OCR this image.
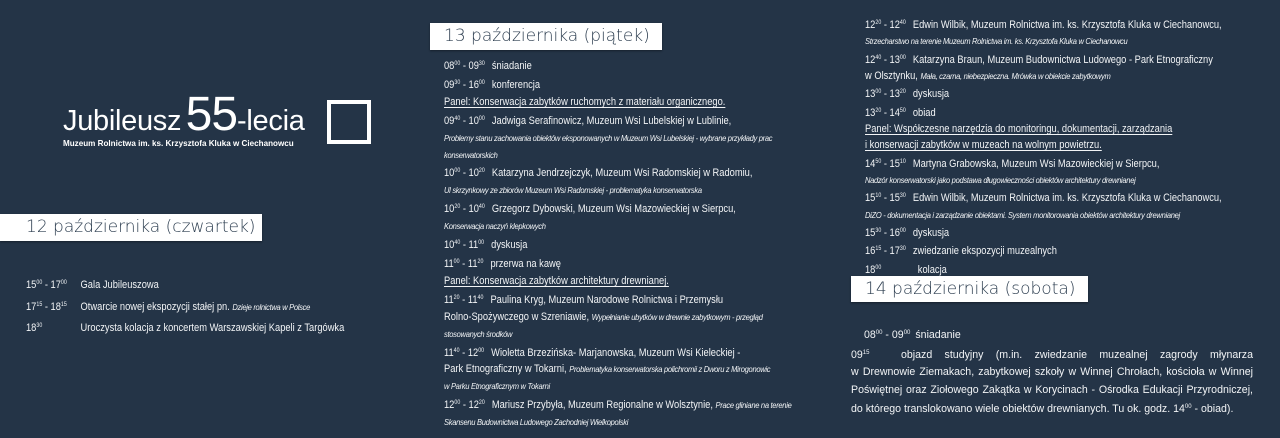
Jubileusz 55-lecia
Muzeum Rolnictwa im. ks. Krzysztofa Kluka w Ciechanowcu
12 października (czwartek)
$15^{00} - 17^{00}$ Gala Jubileuszowa
$17^{15} - 18^{15}$ Otwarcie nowej ekspozycji stałej pn. Dzieje rolnictwa w Polsce
$18^{30}$	Uroczysta kolacja z koncertem Warszawskiej Kapeli z Targówka
13 października (piątek)
$08^{00} - 09^{30}$ śniadanie
$09^{30} - 16^{00}$ konferencja
Panel: Konserwacja zabytków ruchomych z materiału organicznego.
$09^{40} - 10^{00}$ Jadwiga Serafinowicz, Muzeum Wsi Lubelskiej w Lublinie,
Problemy stanu zachowania obiektów eksponowanych w Muzeum Wsi Lubelskiej - wybrane przykłady prac
konserwatorskich
$10^{00} - 10^{20}$ Katarzyna Jendrzejczyk, Muzeum Wsi Radomskiej w Radomiu,
Ul skrzynkowy ze zbiorów Muzeum Wsi Radomskiej - problematyka konserwatorska
$10^{20} - 10^{40}$ Grzegorz Dybowski, Muzeum Wsi Mazowieckiej w Sierpcu,
Konserwacja naczyń klepkowych
$10^{40} - 11^{00}$ dyskusja
$11^{00} - 11^{20}$ przerwa na kawę
Panel: Konserwacja zabytków architektury drewnianej.
$11^{20} - 11^{40}$ Paulina Kryg, Muzeum Narodowe Rolnictwa i Przemysłu
Rolno-Spożywczego w Szreniawie, Wypełnianie ubytków w drewnie zabytkowym - przegląd
stosowanych środków
$11^{40} - 12^{00}$ Wioletta Brzezińska- Marjanowska, Muzeum Wsi Kieleckiej -
Park Etnograficzny w Tokarni, Problematyka konserwatorska polichromii z Dworu z Mirogonowic
w Parku Etnograficznym w Tokarni
$12^{00} - 12^{20}$ Mariusz Przybyła, Muzeum Regionalne w Wolsztynie, Prace gliniane na terenie
Skansenu Budownictwa Ludowego Zachodniej Wielkopolski
$12^{20} - 12^{40}$ Edwin Wilbik, Muzeum Rolnictwa im. ks. Krzysztofa Kluka w Ciechanowcu,
Strzecharstwo na terenie Muzeum Rolnictwa im. ks. Krzysztofa Kluka w Ciechanowcu
$12^{40} - 13^{00}$ Katarzyna Braun, Muzeum Budownictwa Ludowego - Park Etnograficzny
w Olsztynku, Mała, czarna, niebezpieczna. Mrówka w obiekcie zabytkowym
$13^{00} - 13^{20}$ dyskusja
$13^{20} - 14^{50}$ obiad
Panel: Współczesne narzędzia do monitoringu, dokumentacji, zarządzania
i konserwacji zabytków w muzeach na wolnym powietrzu.
$14^{50} - 15^{10}$ Martyna Grabowska, Muzeum Wsi Mazowieckiej w Sierpcu,
Nadzór konserwatorski jako podstawa długowieczności obiektów architektury drewnianej
$15^{10} - 15^{30}$ Edwin Wilbik, Muzeum Rolnictwa im. ks. Krzysztofa Kluka w Ciechanowcu,
DiZO - dokumentacja i zarządzanie obiektami. System monitorowania obiektów architektury drewnianej
$15^{30} - 16^{00}$ dyskusja
$16^{15} - 17^{30}$ zwiedzanie ekspozycji muzealnych
$18^{00}$	kolacja
14 października (sobota)
$08^{00} - 09^{00}$ śniadanie
$09^{15}$	objazd studyjny (m.in. zwiedzanie muzealnej zagrody młynarza
w Drewnowie Ziemakach, zabytkowej szkoły w Winnej Chrołach, kościoła w Winnej
Poświętnej oraz Ziołowego Zakątka w Korycinach - Ośrodka Edukacji Przyrodniczej,
do którego translokowano wiele obiektów drewnianych. Tu ok. godz. $14^{00}$ - obiad).
